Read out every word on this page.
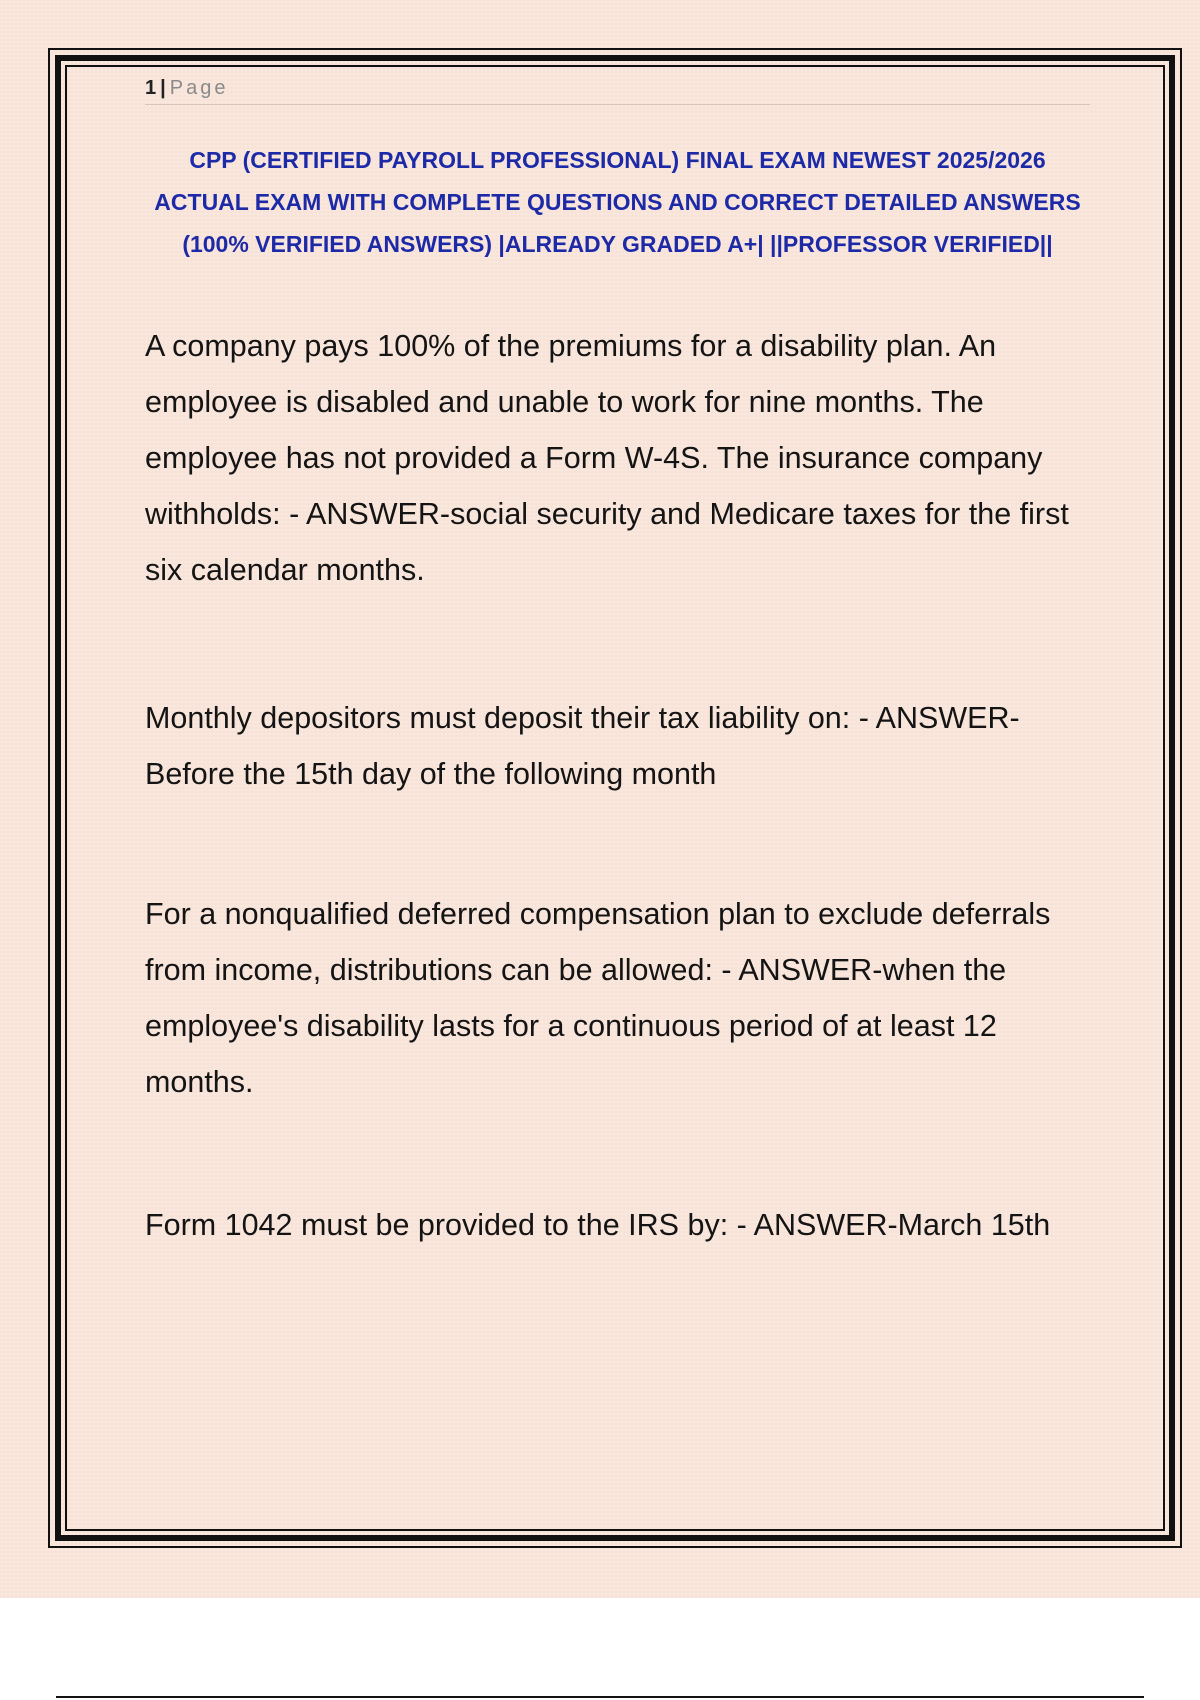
1 | Page
CPP (CERTIFIED PAYROLL PROFESSIONAL) FINAL EXAM NEWEST 2025/2026 ACTUAL EXAM WITH COMPLETE QUESTIONS AND CORRECT DETAILED ANSWERS (100% VERIFIED ANSWERS) |ALREADY GRADED A+| ||PROFESSOR VERIFIED||

A company pays 100% of the premiums for a disability plan. An employee is disabled and unable to work for nine months. The employee has not provided a Form W-4S. The insurance company withholds: - ANSWER-social security and Medicare taxes for the first six calendar months.

Monthly depositors must deposit their tax liability on: - ANSWER-Before the 15th day of the following month

For a nonqualified deferred compensation plan to exclude deferrals from income, distributions can be allowed: - ANSWER-when the employee's disability lasts for a continuous period of at least 12 months.

Form 1042 must be provided to the IRS by: - ANSWER-March 15th
